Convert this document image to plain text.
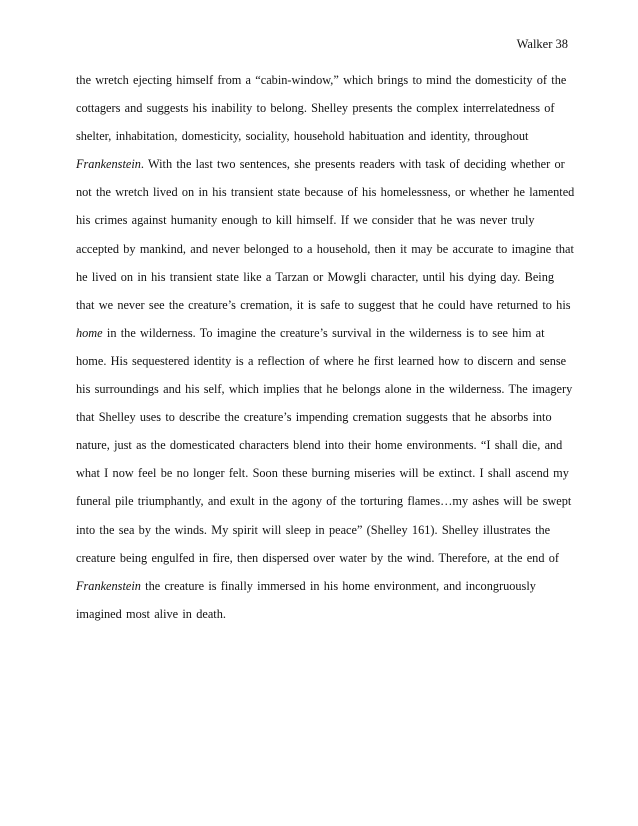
Walker 38
the wretch ejecting himself from a “cabin-window,” which brings to mind the domesticity of the
cottagers and suggests his inability to belong. Shelley presents the complex interrelatedness of
shelter, inhabitation, domesticity, sociality, household habituation and identity, throughout
Frankenstein. With the last two sentences, she presents readers with task of deciding whether or
not the wretch lived on in his transient state because of his homelessness, or whether he lamented
his crimes against humanity enough to kill himself. If we consider that he was never truly
accepted by mankind, and never belonged to a household, then it may be accurate to imagine that
he lived on in his transient state like a Tarzan or Mowgli character, until his dying day. Being
that we never see the creature’s cremation, it is safe to suggest that he could have returned to his
home in the wilderness. To imagine the creature’s survival in the wilderness is to see him at
home. His sequestered identity is a reflection of where he first learned how to discern and sense
his surroundings and his self, which implies that he belongs alone in the wilderness. The imagery
that Shelley uses to describe the creature’s impending cremation suggests that he absorbs into
nature, just as the domesticated characters blend into their home environments. “I shall die, and
what I now feel be no longer felt. Soon these burning miseries will be extinct. I shall ascend my
funeral pile triumphantly, and exult in the agony of the torturing flames…my ashes will be swept
into the sea by the winds. My spirit will sleep in peace” (Shelley 161). Shelley illustrates the
creature being engulfed in fire, then dispersed over water by the wind. Therefore, at the end of
Frankenstein the creature is finally immersed in his home environment, and incongruously
imagined most alive in death.
